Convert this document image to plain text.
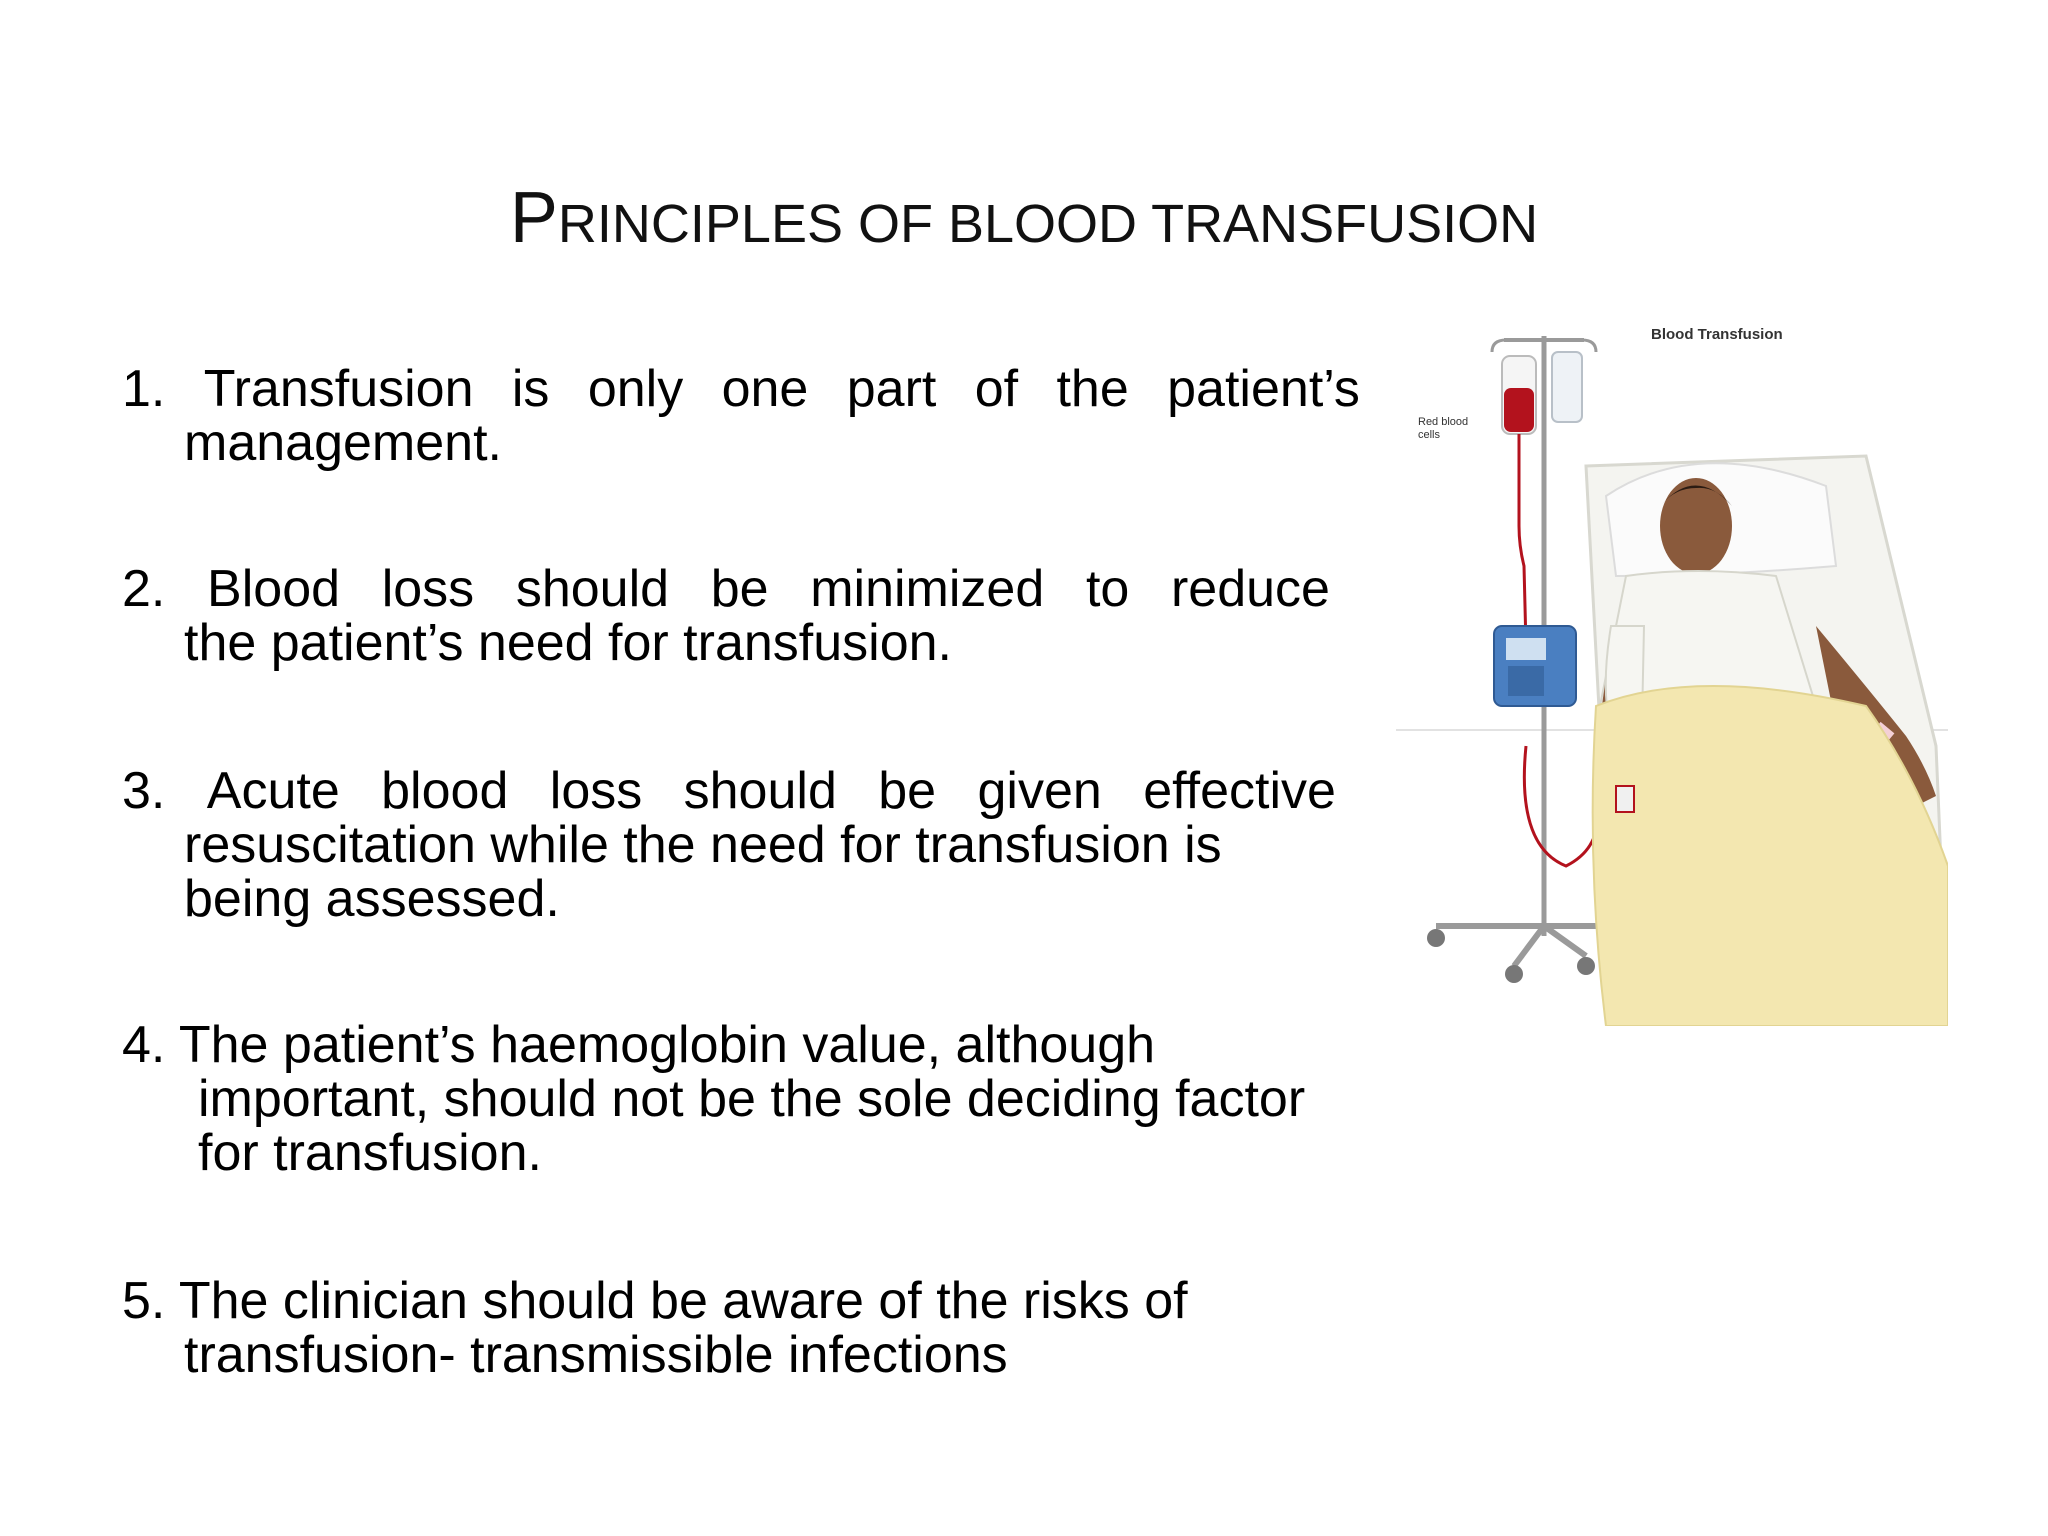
PRINCIPLES OF BLOOD TRANSFUSION
1. Transfusion is only one part of the patient’s
management.
2. Blood loss should be minimized to reduce
the patient’s need for transfusion.
3. Acute blood loss should be given effective
resuscitation while the need for transfusion is
being assessed.
4. The patient’s haemoglobin value, although
important, should not be the sole deciding factor
for transfusion.
5. The clinician should be aware of the risks of
transfusion- transmissible infections
Blood Transfusion
Red blood cells
